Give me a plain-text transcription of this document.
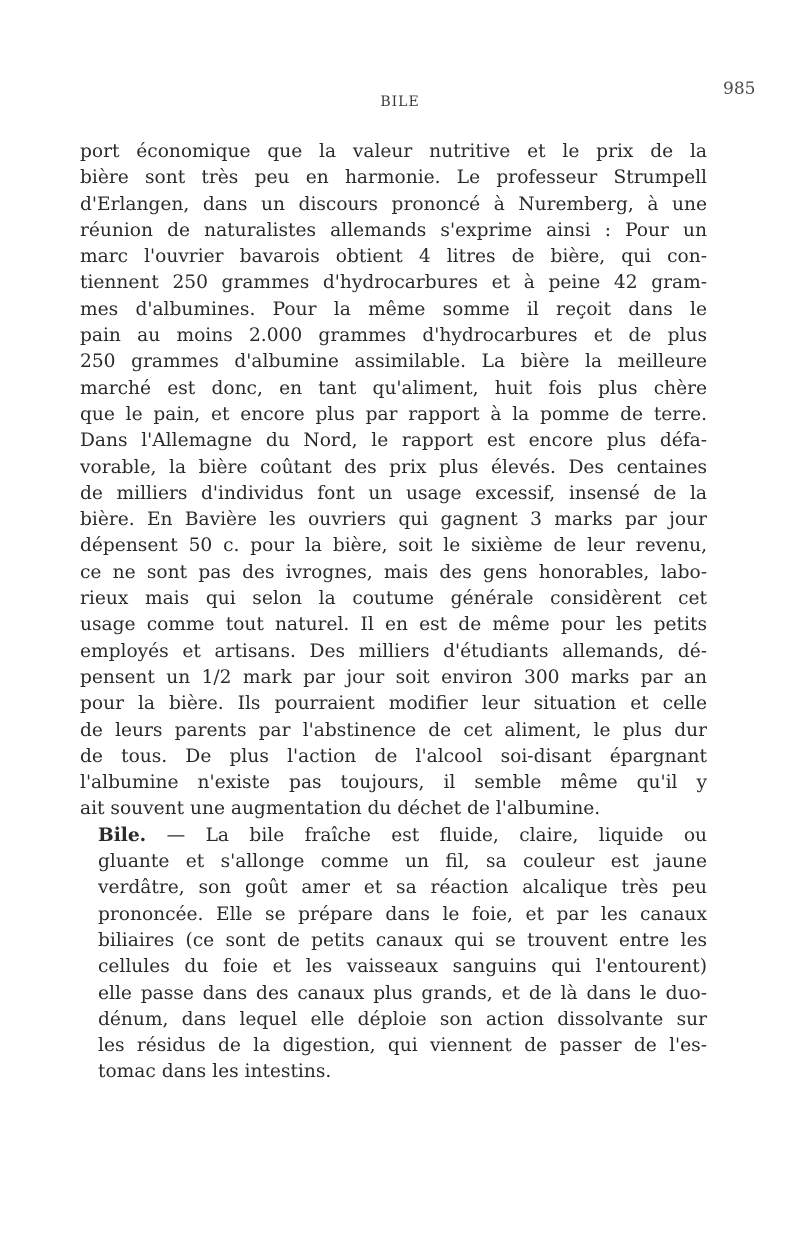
985
BILE

port économique que la valeur nutritive et le prix de la
bière sont très peu en harmonie. Le professeur Strumpell
d'Erlangen, dans un discours prononcé à Nuremberg, à une
réunion de naturalistes allemands s'exprime ainsi : Pour un
marc l'ouvrier bavarois obtient 4 litres de bière, qui con-
tiennent 250 grammes d'hydrocarbures et à peine 42 gram-
mes d'albumines. Pour la même somme il reçoit dans le
pain au moins 2.000 grammes d'hydrocarbures et de plus
250 grammes d'albumine assimilable. La bière la meilleure
marché est donc, en tant qu'aliment, huit fois plus chère
que le pain, et encore plus par rapport à la pomme de terre.
Dans l'Allemagne du Nord, le rapport est encore plus défa-
vorable, la bière coûtant des prix plus élevés. Des centaines
de milliers d'individus font un usage excessif, insensé de la
bière. En Bavière les ouvriers qui gagnent 3 marks par jour
dépensent 50 c. pour la bière, soit le sixième de leur revenu,
ce ne sont pas des ivrognes, mais des gens honorables, labo-
rieux mais qui selon la coutume générale considèrent cet
usage comme tout naturel. Il en est de même pour les petits
employés et artisans. Des milliers d'étudiants allemands, dé-
pensent un 1/2 mark par jour soit environ 300 marks par an
pour la bière. Ils pourraient modifier leur situation et celle
de leurs parents par l'abstinence de cet aliment, le plus dur
de tous. De plus l'action de l'alcool soi-disant épargnant
l'albumine n'existe pas toujours, il semble même qu'il y
ait souvent une augmentation du déchet de l'albumine.

Bile. — La bile fraîche est fluide, claire, liquide ou
gluante et s'allonge comme un fil, sa couleur est jaune
verdâtre, son goût amer et sa réaction alcalique très peu
prononcée. Elle se prépare dans le foie, et par les canaux
biliaires (ce sont de petits canaux qui se trouvent entre les
cellules du foie et les vaisseaux sanguins qui l'entourent)
elle passe dans des canaux plus grands, et de là dans le duo-
dénum, dans lequel elle déploie son action dissolvante sur
les résidus de la digestion, qui viennent de passer de l'es-
tomac dans les intestins.
